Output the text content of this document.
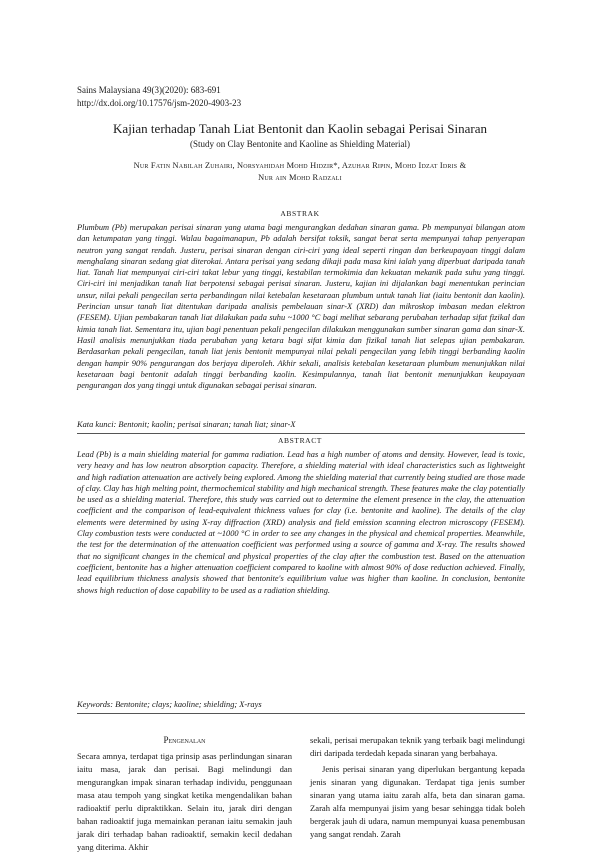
Sains Malaysiana 49(3)(2020): 683-691
http://dx.doi.org/10.17576/jsm-2020-4903-23
Kajian terhadap Tanah Liat Bentonit dan Kaolin sebagai Perisai Sinaran
(Study on Clay Bentonite and Kaoline as Shielding Material)
Nur Fatin Nabilah Zuhairi, Norsyahidah Mohd Hidzir*, Azuhar Ripin, Mohd Idzat Idris &
Nur ain Mohd Radzali
ABSTRAK
Plumbum (Pb) merupakan perisai sinaran yang utama bagi mengurangkan dedahan sinaran gama. Pb mempunyai bilangan atom dan ketumpatan yang tinggi. Walau bagaimanapun, Pb adalah bersifat toksik, sangat berat serta mempunyai tahap penyerapan neutron yang sangat rendah. Justeru, perisai sinaran dengan ciri-ciri yang ideal seperti ringan dan berkeupayaan tinggi dalam menghalang sinaran sedang giat diterokai. Antara perisai yang sedang dikaji pada masa kini ialah yang diperbuat daripada tanah liat. Tanah liat mempunyai ciri-ciri takat lebur yang tinggi, kestabilan termokimia dan kekuatan mekanik pada suhu yang tinggi. Ciri-ciri ini menjadikan tanah liat berpotensi sebagai perisai sinaran. Justeru, kajian ini dijalankan bagi menentukan perincian unsur, nilai pekali pengecilan serta perbandingan nilai ketebalan kesetaraan plumbum untuk tanah liat (iaitu bentonit dan kaolin). Perincian unsur tanah liat ditentukan daripada analisis pembelauan sinar-X (XRD) dan mikroskop imbasan medan elektron (FESEM). Ujian pembakaran tanah liat dilakukan pada suhu ~1000 °C bagi melihat sebarang perubahan terhadap sifat fizikal dan kimia tanah liat. Sementara itu, ujian bagi penentuan pekali pengecilan dilakukan menggunakan sumber sinaran gama dan sinar-X. Hasil analisis menunjukkan tiada perubahan yang ketara bagi sifat kimia dan fizikal tanah liat selepas ujian pembakaran. Berdasarkan pekali pengecilan, tanah liat jenis bentonit mempunyai nilai pekali pengecilan yang lebih tinggi berbanding kaolin dengan hampir 90% pengurangan dos berjaya diperoleh. Akhir sekali, analisis ketebalan kesetaraan plumbum menunjukkan nilai kesetaraan bagi bentonit adalah tinggi berbanding kaolin. Kesimpulannya, tanah liat bentonit menunjukkan keupayaan pengurangan dos yang tinggi untuk digunakan sebagai perisai sinaran.
Kata kunci: Bentonit; kaolin; perisai sinaran; tanah liat; sinar-X
ABSTRACT
Lead (Pb) is a main shielding material for gamma radiation. Lead has a high number of atoms and density. However, lead is toxic, very heavy and has low neutron absorption capacity. Therefore, a shielding material with ideal characteristics such as lightweight and high radiation attenuation are actively being explored. Among the shielding material that currently being studied are those made of clay. Clay has high melting point, thermochemical stability and high mechanical strength. These features make the clay potentially be used as a shielding material. Therefore, this study was carried out to determine the element presence in the clay, the attenuation coefficient and the comparison of lead-equivalent thickness values for clay (i.e. bentonite and kaoline). The details of the clay elements were determined by using X-ray diffraction (XRD) analysis and field emission scanning electron microscopy (FESEM). Clay combustion tests were conducted at ~1000 °C in order to see any changes in the physical and chemical properties. Meanwhile, the test for the determination of the attenuation coefficient was performed using a source of gamma and X-ray. The results showed that no significant changes in the chemical and physical properties of the clay after the combustion test. Based on the attenuation coefficient, bentonite has a higher attenuation coefficient compared to kaoline with almost 90% of dose reduction achieved. Finally, lead equilibrium thickness analysis showed that bentonite's equilibrium value was higher than kaoline. In conclusion, bentonite shows high reduction of dose capability to be used as a radiation shielding.
Keywords: Bentonite; clays; kaoline; shielding; X-rays
Pengenalan

Secara amnya, terdapat tiga prinsip asas perlindungan sinaran iaitu masa, jarak dan perisai. Bagi melindungi dan mengurangkan impak sinaran terhadap individu, penggunaan masa atau tempoh yang singkat ketika mengendalikan bahan radioaktif perlu dipraktikkan. Selain itu, jarak diri dengan bahan radioaktif juga memainkan peranan iaitu semakin jauh jarak diri terhadap bahan radioaktif, semakin kecil dedahan yang diterima. Akhir

sekali, perisai merupakan teknik yang terbaik bagi melindungi diri daripada terdedah kepada sinaran yang berbahaya.

Jenis perisai sinaran yang diperlukan bergantung kepada jenis sinaran yang digunakan. Terdapat tiga jenis sumber sinaran yang utama iaitu zarah alfa, beta dan sinaran gama. Zarah alfa mempunyai jisim yang besar sehingga tidak boleh bergerak jauh di udara, namun mempunyai kuasa penembusan yang sangat rendah. Zarah
